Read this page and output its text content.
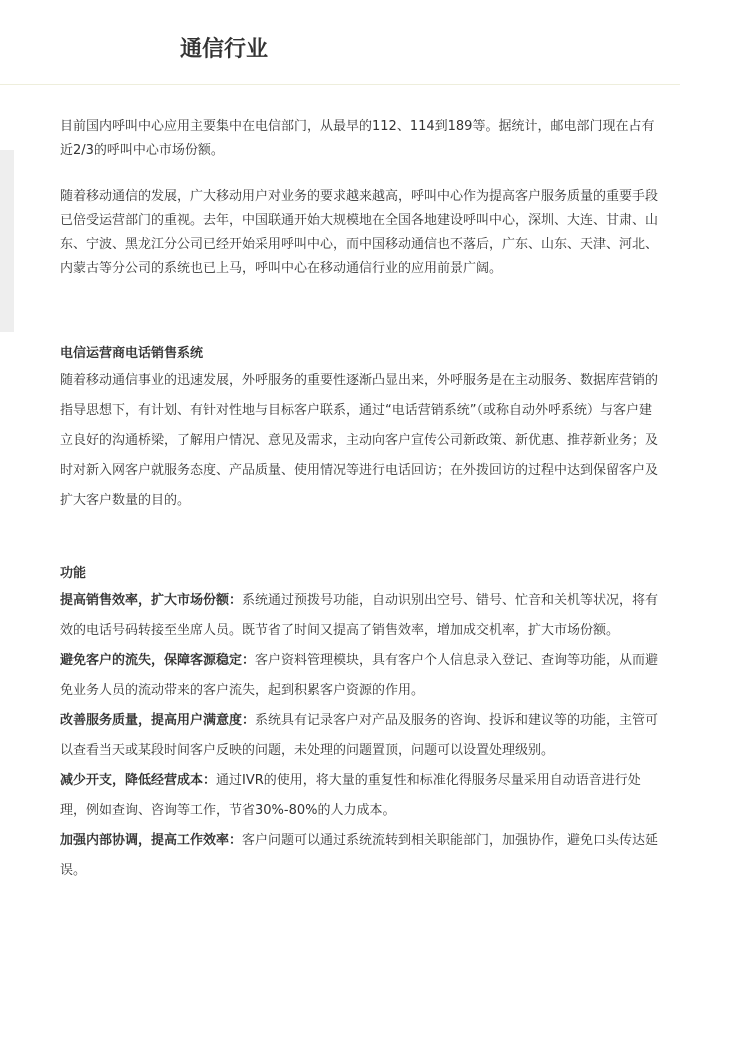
通信行业

目前国内呼叫中心应用主要集中在电信部门，从最早的112、114到189等。据统计，邮电部门现在占有近2/3的呼叫中心市场份额。

随着移动通信的发展，广大移动用户对业务的要求越来越高，呼叫中心作为提高客户服务质量的重要手段已倍受运营部门的重视。去年，中国联通开始大规模地在全国各地建设呼叫中心，深圳、大连、甘肃、山东、宁波、黑龙江分公司已经开始采用呼叫中心，而中国移动通信也不落后，广东、山东、天津、河北、内蒙古等分公司的系统也已上马，呼叫中心在移动通信行业的应用前景广阔。

电信运营商电话销售系统

随着移动通信事业的迅速发展，外呼服务的重要性逐渐凸显出来，外呼服务是在主动服务、数据库营销的指导思想下，有计划、有针对性地与目标客户联系，通过“电话营销系统”（或称自动外呼系统）与客户建立良好的沟通桥梁，了解用户情况、意见及需求，主动向客户宣传公司新政策、新优惠、推荐新业务；及时对新入网客户就服务态度、产品质量、使用情况等进行电话回访；在外拨回访的过程中达到保留客户及扩大客户数量的目的。

功能

提高销售效率，扩大市场份额：系统通过预拨号功能，自动识别出空号、错号、忙音和关机等状况，将有效的电话号码转接至坐席人员。既节省了时间又提高了销售效率，增加成交机率，扩大市场份额。

避免客户的流失，保障客源稳定：客户资料管理模块，具有客户个人信息录入登记、查询等功能，从而避免业务人员的流动带来的客户流失，起到积累客户资源的作用。

改善服务质量，提高用户满意度：系统具有记录客户对产品及服务的咨询、投诉和建议等的功能，主管可以查看当天或某段时间客户反映的问题，未处理的问题置顶，问题可以设置处理级别。

减少开支，降低经营成本：通过IVR的使用，将大量的重复性和标准化得服务尽量采用自动语音进行处理，例如查询、咨询等工作，节省30%-80%的人力成本。

加强内部协调，提高工作效率：客户问题可以通过系统流转到相关职能部门，加强协作，避免口头传达延误。
